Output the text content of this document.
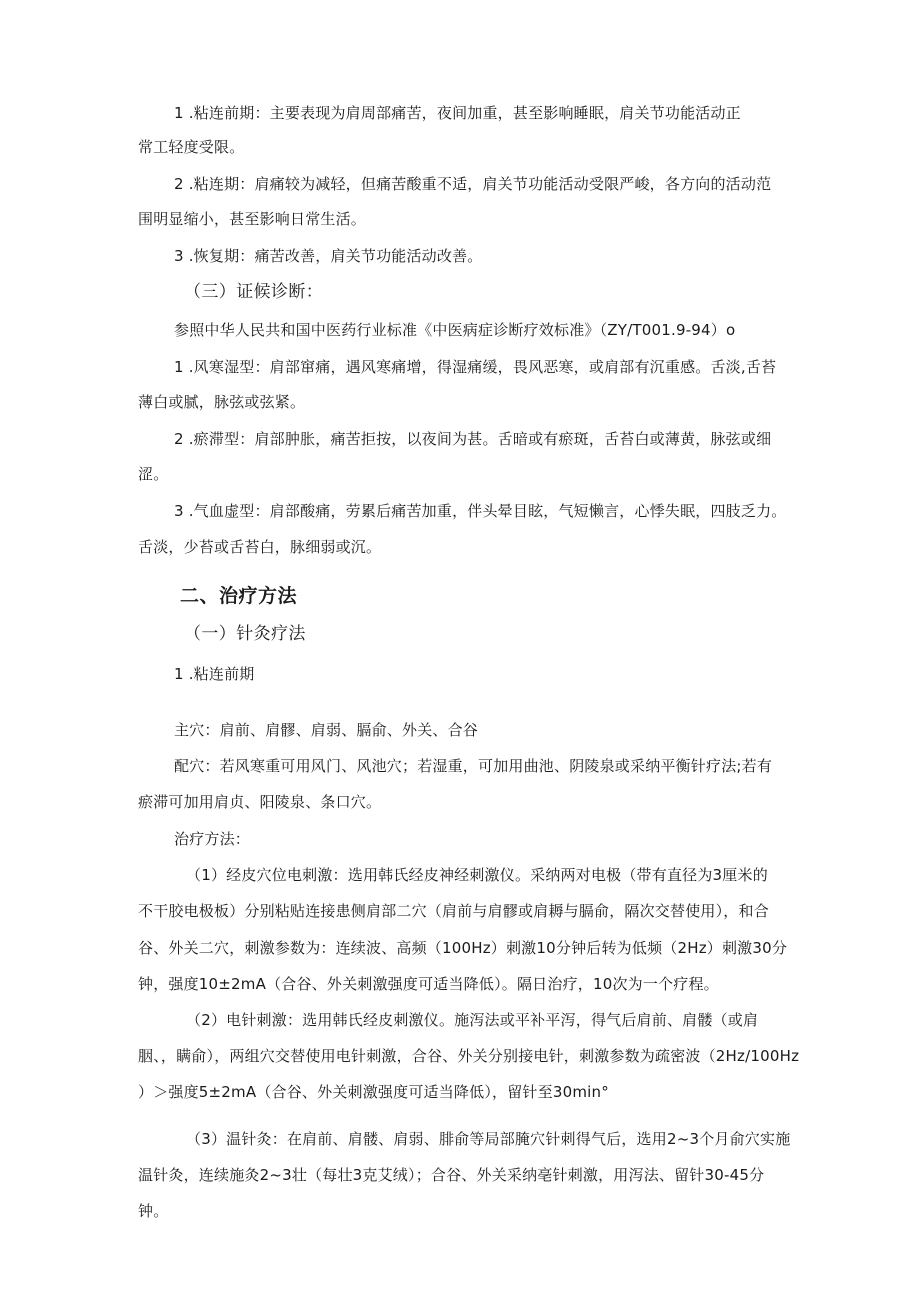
1 .粘连前期：主要表现为肩周部痛苦，夜间加重，甚至影响睡眠，肩关节功能活动正
常工轻度受限。
2 .粘连期：肩痛较为减轻，但痛苦酸重不适，肩关节功能活动受限严峻，各方向的活动范
围明显缩小，甚至影响日常生活。
3 .恢复期：痛苦改善，肩关节功能活动改善。
（三）证候诊断：
参照中华人民共和国中医药行业标准《中医病症诊断疗效标准》（ZY/T001.9-94）o
1 .风寒湿型：肩部窜痛，遇风寒痛增，得湿痛缓，畏风恶寒，或肩部有沉重感。舌淡,舌苔
薄白或腻，脉弦或弦紧。
2 .瘀滞型：肩部肿胀，痛苦拒按，以夜间为甚。舌暗或有瘀斑，舌苔白或薄黄，脉弦或细
涩。
3 .气血虚型：肩部酸痛，劳累后痛苦加重，伴头晕目眩，气短懒言，心悸失眠，四肢乏力。
舌淡，少苔或舌苔白，脉细弱或沉。
二、治疗方法
（一）针灸疗法
1 .粘连前期
主穴：肩前、肩髎、肩弱、膈俞、外关、合谷
配穴：若风寒重可用风门、风池穴；若湿重，可加用曲池、阴陵泉或采纳平衡针疗法;若有
瘀滞可加用肩贞、阳陵泉、条口穴。
治疗方法：
（1）经皮穴位电刺激：选用韩氏经皮神经刺激仪。采纳两对电极（带有直径为3厘米的
不干胶电极板）分别粘贴连接患侧肩部二穴（肩前与肩髎或肩耨与膈俞，隔次交替使用），和合
谷、外关二穴，刺激参数为：连续波、高频（100Hz）刺激10分钟后转为低频（2Hz）刺激30分
钟，强度10±2mA（合谷、外关刺激强度可适当降低）。隔日治疗，10次为一个疗程。
（2）电针刺激：选用韩氏经皮刺激仪。施泻法或平补平泻，得气后肩前、肩髅（或肩
胭、，瞒俞），两组穴交替使用电针刺激，合谷、外关分别接电针，刺激参数为疏密波（2Hz/100Hz
）＞强度5±2mA（合谷、外关刺激强度可适当降低），留针至30min°
（3）温针灸：在肩前、肩髅、肩弱、腓俞等局部腌穴针刺得气后，选用2~3个月俞穴实施
温针灸，连续施灸2~3壮（每壮3克艾绒）；合谷、外关采纳亳针刺激，用泻法、留针30-45分
钟。
